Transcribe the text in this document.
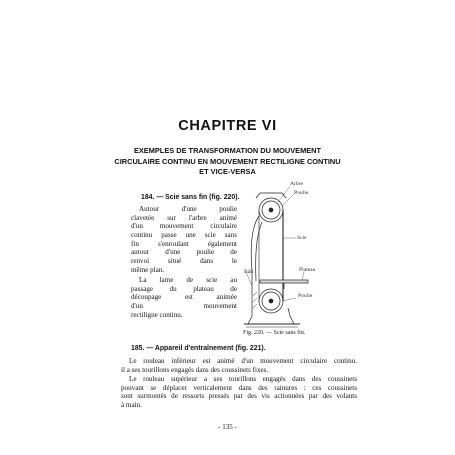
CHAPITRE VI
EXEMPLES DE TRANSFORMATION DU MOUVEMENT
CIRCULAIRE CONTINU EN MOUVEMENT RECTILIGNE CONTINU
ET VICE-VERSA
184. — Scie sans fin (fig. 220).
Autour d'une poulie
clavetée sur l'arbre animé
d'un mouvement circulaire
continu passe une scie sans
fin s'enroulant également
autour d'une poulie de
renvoi situé dans le
même plan.
La lame de scie au
passage du plateau de
découpage est animée
d'un mouvement
rectiligne continu.
Arbre
Poulie
Scie
Plateau
Bâti
Poulie
Fig. 220. — Scie sans fin.
185. — Appareil d'entraînement (fig. 221).
Le rouleau inférieur est animé d'un mouvement circulaire continu.
il a ses tourillons engagés dans des coussinets fixes.
Le rouleau supérieur a ses tourillons engagés dans des coussinets
pouvant se déplacer verticalement dans des rainures : ces coussinets
sont surmontés de ressorts pressés par des vis actionnées par des volants
à main.
- 135 -
